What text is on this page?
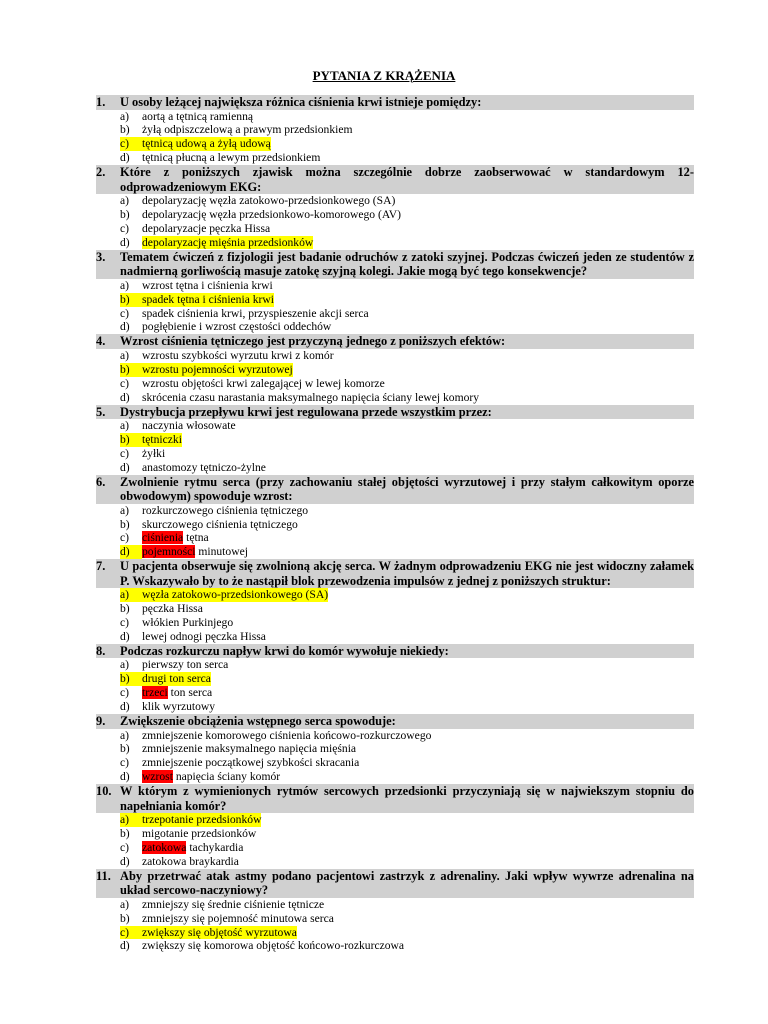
PYTANIA Z KRĄŻENIA
1.	U osoby leżącej największa różnica ciśnienia krwi istnieje pomiędzy:
a)	aortą a tętnicą ramienną
b)	żyłą odpiszczelową a prawym przedsionkiem
c)	tętnicą udową a żyłą udową
d)	tętnicą płucną a lewym przedsionkiem
2.	Które z poniższych zjawisk można szczególnie dobrze zaobserwować w standardowym 12-odprowadzeniowym EKG:
a)	depolaryzację węzła zatokowo-przedsionkowego (SA)
b)	depolaryzację węzła przedsionkowo-komorowego (AV)
c)	depolaryzacje pęczka Hissa
d)	depolaryzację mięśnia przedsionków
3.	Tematem ćwiczeń z fizjologii jest badanie odruchów z zatoki szyjnej. Podczas ćwiczeń jeden ze studentów z nadmierną gorliwością masuje zatokę szyjną kolegi. Jakie mogą być tego konsekwencje?
a)	wzrost tętna i ciśnienia krwi
b)	spadek tętna i ciśnienia krwi
c)	spadek ciśnienia krwi, przyspieszenie akcji serca
d)	pogłębienie i wzrost częstości oddechów
4.	Wzrost ciśnienia tętniczego jest przyczyną jednego z poniższych efektów:
a)	wzrostu szybkości wyrzutu krwi z komór
b)	wzrostu pojemności wyrzutowej
c)	wzrostu objętości krwi zalegającej w lewej komorze
d)	skrócenia czasu narastania maksymalnego napięcia ściany lewej komory
5.	Dystrybucja przepływu krwi jest regulowana przede wszystkim przez:
a)	naczynia włosowate
b)	tętniczki
c)	żyłki
d)	anastomozy tętniczo-żylne
6.	Zwolnienie rytmu serca (przy zachowaniu stałej objętości wyrzutowej i przy stałym całkowitym oporze obwodowym) spowoduje wzrost:
a)	rozkurczowego ciśnienia tętniczego
b)	skurczowego ciśnienia tętniczego
c)	ciśnienia tętna
d)	pojemności minutowej
7.	U pacjenta obserwuje się zwolnioną akcję serca. W żadnym odprowadzeniu EKG nie jest widoczny załamek P. Wskazywało by to że nastąpił blok przewodzenia impulsów z jednej z poniższych struktur:
a)	węzła zatokowo-przedsionkowego (SA)
b)	pęczka Hissa
c)	włókien Purkinjego
d)	lewej odnogi pęczka Hissa
8.	Podczas rozkurczu napływ krwi do komór wywołuje niekiedy:
a)	pierwszy ton serca
b)	drugi ton serca
c)	trzeci ton serca
d)	klik wyrzutowy
9.	Zwiększenie obciążenia wstępnego serca spowoduje:
a)	zmniejszenie komorowego ciśnienia końcowo-rozkurczowego
b)	zmniejszenie maksymalnego napięcia mięśnia
c)	zmniejszenie początkowej szybkości skracania
d)	wzrost napięcia ściany komór
10. W którym z wymienionych rytmów sercowych przedsionki przyczyniają się w najwiekszym stopniu do napełniania komór?
a)	trzepotanie przedsionków
b)	migotanie przedsionków
c)	zatokowa tachykardia
d)	zatokowa braykardia
11. Aby przetrwać atak astmy podano pacjentowi zastrzyk z adrenaliny. Jaki wpływ wywrze adrenalina na układ sercowo-naczyniowy?
a)	zmniejszy się średnie ciśnienie tętnicze
b)	zmniejszy się pojemność minutowa serca
c)	zwiększy się objętość wyrzutowa
d)	zwiększy się komorowa objętość końcowo-rozkurczowa
